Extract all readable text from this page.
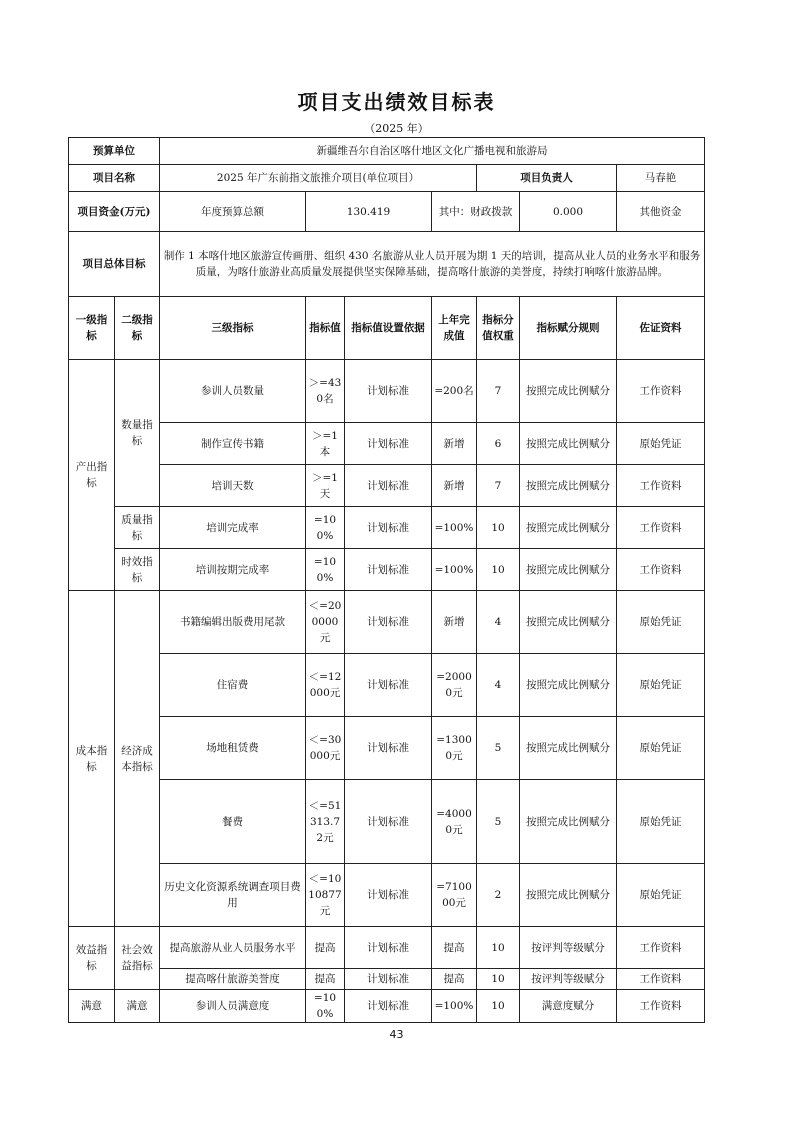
项目支出绩效目标表
（2025 年）
预算单位		新疆维吾尔自治区喀什地区文化广播电视和旅游局						
项目名称		2025 年广东前指文旅推介项目(单位项目）				项目负责人		马春艳
项目资金(万元)		年度预算总额	130.419		其中：财政拨款		0.000	其他资金
项目总体目标		制作 1 本喀什地区旅游宣传画册、组织 430 名旅游从业人员开展为期 1 天的培训，提高从业人员的业务水平和服务质量，为喀什旅游业高质量发展提供坚实保障基础，提高喀什旅游的美誉度，持续打响喀什旅游品牌。						
一级指标	二级指标	三级指标	指标值	指标值设置依据	上年完成值	指标分值权重	指标赋分规则	佐证资料
产出指标	数量指标	参训人员数量	＞=430名	计划标准	=200名	7	按照完成比例赋分	工作资料
		制作宣传书籍	＞=1本	计划标准	新增	6	按照完成比例赋分	原始凭证
		培训天数	＞=1天	计划标准	新增	7	按照完成比例赋分	工作资料
	质量指标	培训完成率	=100%	计划标准	=100%	10	按照完成比例赋分	工作资料
	时效指标	培训按期完成率	=100%	计划标准	=100%	10	按照完成比例赋分	工作资料
成本指标	经济成本指标	书籍编辑出版费用尾款	＜=200000元	计划标准	新增	4	按照完成比例赋分	原始凭证
		住宿费	＜=12000元	计划标准	=20000元	4	按照完成比例赋分	原始凭证
		场地租赁费	＜=30000元	计划标准	=13000元	5	按照完成比例赋分	原始凭证
		餐费	＜=51313.72元	计划标准	=40000元	5	按照完成比例赋分	原始凭证
		历史文化资源系统调查项目费用	＜=1010877元	计划标准	=710000元	2	按照完成比例赋分	原始凭证
效益指标	社会效益指标	提高旅游从业人员服务水平	提高	计划标准	提高	10	按评判等级赋分	工作资料
		提高喀什旅游美誉度	提高	计划标准	提高	10	按评判等级赋分	工作资料
满意	满意	参训人员满意度	=100%	计划标准	=100%	10	满意度赋分	工作资料
43
